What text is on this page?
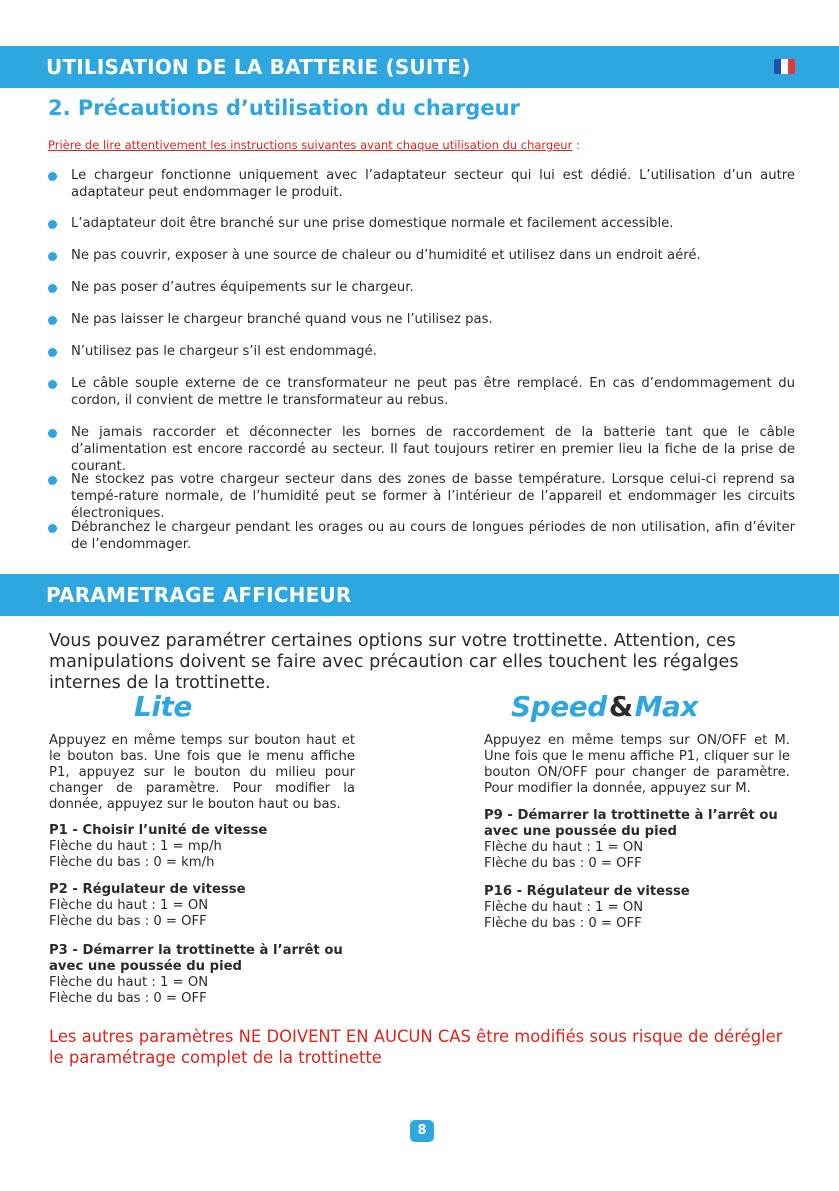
UTILISATION DE LA BATTERIE (SUITE)
2. Précautions d’utilisation du chargeur
Prière de lire attentivement les instructions suivantes avant chaque utilisation du chargeur :
Le chargeur fonctionne uniquement avec l’adaptateur secteur qui lui est dédié. L’utilisation d’un autre adaptateur peut endommager le produit.
L’adaptateur doit être branché sur une prise domestique normale et facilement accessible.
Ne pas couvrir, exposer à une source de chaleur ou d’humidité et utilisez dans un endroit aéré.
Ne pas poser d’autres équipements sur le chargeur.
Ne pas laisser le chargeur branché quand vous ne l’utilisez pas.
N’utilisez pas le chargeur s’il est endommagé.
Le câble souple externe de ce transformateur ne peut pas être remplacé. En cas d’endommagement du cordon, il convient de mettre le transformateur au rebus.
Ne jamais raccorder et déconnecter les bornes de raccordement de la batterie tant que le câble d’alimentation est encore raccordé au secteur. Il faut toujours retirer en premier lieu la fiche de la prise de courant.
Ne stockez pas votre chargeur secteur dans des zones de basse température. Lorsque celui-ci reprend sa tempé-rature normale, de l’humidité peut se former à l’intérieur de l’appareil et endommager les circuits électroniques.
Débranchez le chargeur pendant les orages ou au cours de longues périodes de non utilisation, afin d’éviter de l’endommager.
PARAMETRAGE AFFICHEUR
Vous pouvez paramétrer certaines options sur votre trottinette. Attention, ces manipulations doivent se faire avec précaution car elles touchent les régalges internes de la trottinette.
Lite	Speed&Max
Appuyez en même temps sur bouton haut et le bouton bas. Une fois que le menu affiche P1, appuyez sur le bouton du milieu pour changer de paramètre. Pour modifier la donnée, appuyez sur le bouton haut ou bas.
P1 - Choisir l’unité de vitesse
Flèche du haut : 1 = mp/h
Flèche du bas : 0 = km/h
P2 - Régulateur de vitesse
Flèche du haut : 1 = ON
Flèche du bas : 0 = OFF
P3 - Démarrer la trottinette à l’arrêt ou avec une poussée du pied
Flèche du haut : 1 = ON
Flèche du bas : 0 = OFF
Appuyez en même temps sur ON/OFF et M. Une fois que le menu affiche P1, cliquer sur le bouton ON/OFF pour changer de paramètre. Pour modifier la donnée, appuyez sur M.
P9 - Démarrer la trottinette à l’arrêt ou avec une poussée du pied
Flèche du haut : 1 = ON
Flèche du bas : 0 = OFF
P16 - Régulateur de vitesse
Flèche du haut : 1 = ON
Flèche du bas : 0 = OFF
Les autres paramètres NE DOIVENT EN AUCUN CAS être modifiés sous risque de dérégler le paramétrage complet de la trottinette
8
